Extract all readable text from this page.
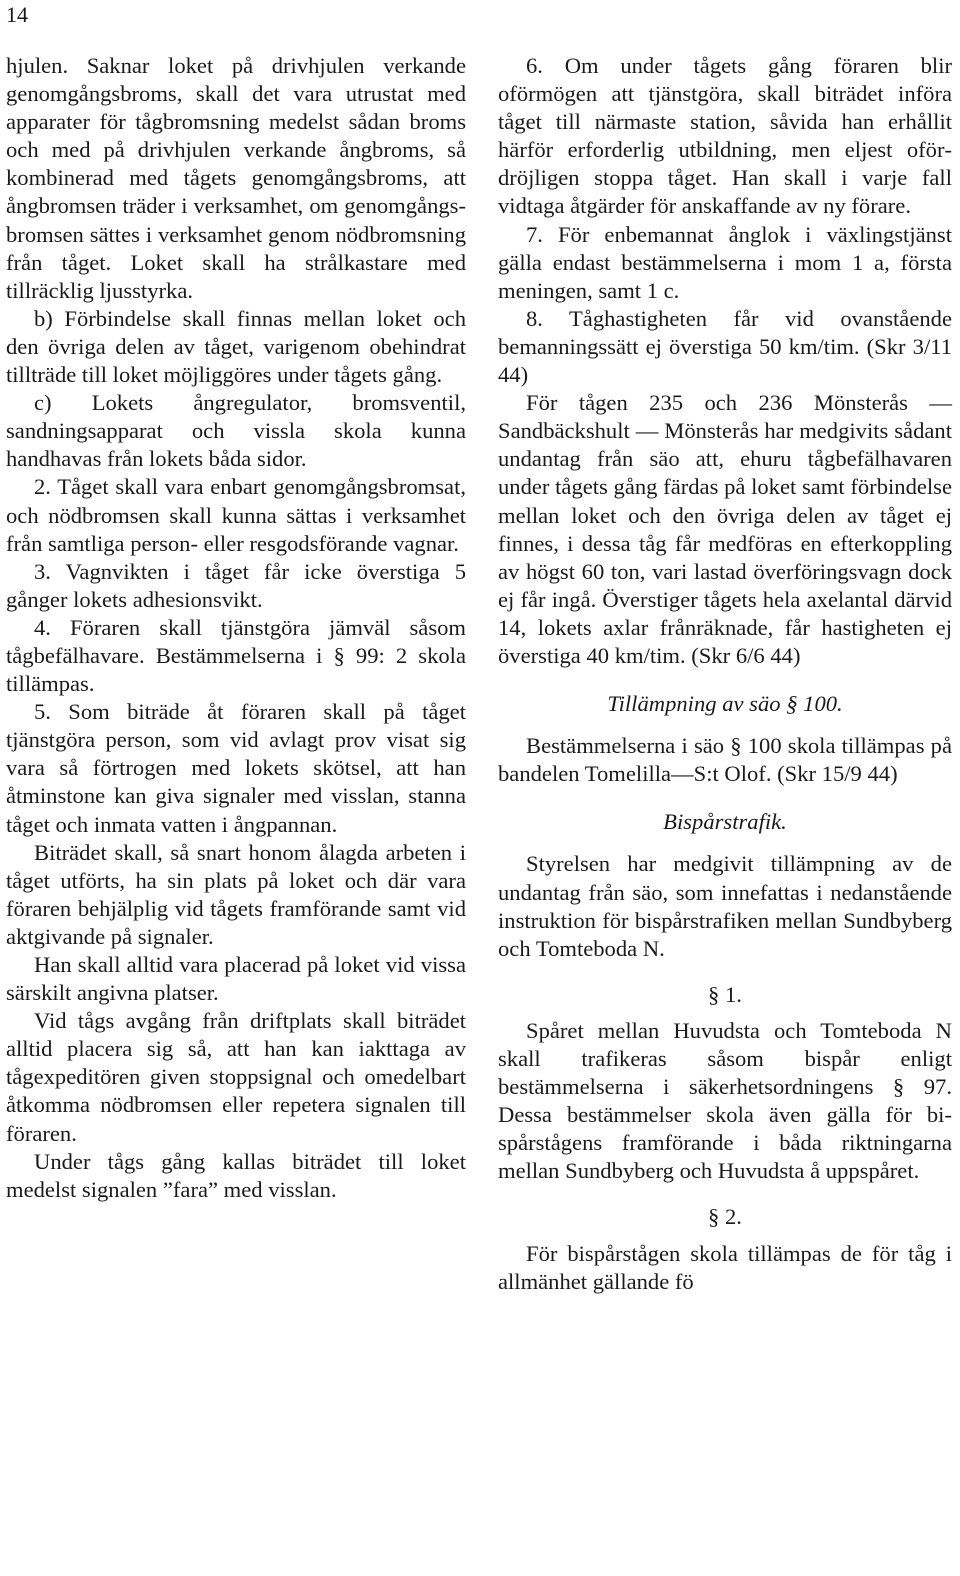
14

hjulen. Saknar loket på drivhjulen verkande genomgångsbroms, skall det vara utrustat med apparater för tågbromsning medelst sådan broms och med på drivhjulen verkande ångbroms, så kombinerad med tågets genomgångsbroms, att ångbromsen träder i verksamhet, om genomgångsbromsen sättes i verksamhet genom nödbromsning från tåget. Loket skall ha strålkastare med tillräcklig ljusstyrka.

b) Förbindelse skall finnas mellan loket och den övriga delen av tåget, varigenom obehindrat tillträde till loket möjliggöres under tågets gång.

c) Lokets ångregulator, bromsventil, sandningsapparat och vissla skola kunna handhavas från lokets båda sidor.

2. Tåget skall vara enbart genomgångsbromsat, och nödbromsen skall kunna sättas i verksamhet från samtliga person- eller resgodsförande vagnar.

3. Vagnvikten i tåget får icke överstiga 5 gånger lokets adhesionsvikt.

4. Föraren skall tjänstgöra jämväl såsom tågbefälhavare. Bestämmelserna i § 99: 2 skola tillämpas.

5. Som biträde åt föraren skall på tåget tjänstgöra person, som vid avlagt prov visat sig vara så förtrogen med lokets skötsel, att han åtminstone kan giva signaler med visslan, stanna tåget och inmata vatten i ångpannan.

Biträdet skall, så snart honom ålagda arbeten i tåget utförts, ha sin plats på loket och där vara föraren behjälplig vid tågets framförande samt vid aktgivande på signaler.

Han skall alltid vara placerad på loket vid vissa särskilt angivna platser.

Vid tågs avgång från driftplats skall biträdet alltid placera sig så, att han kan iakttaga av tågexpeditören given stoppsignal och omedelbart åtkomma nödbromsen eller repetera signalen till föraren.

Under tågs gång kallas biträdet till loket medelst signalen ”fara” med visslan.

6. Om under tågets gång föraren blir oförmögen att tjänstgöra, skall biträdet införa tåget till närmaste station, såvida han erhållit härför erforderlig utbildning, men eljest ofördröjligen stoppa tåget. Han skall i varje fall vidtaga åtgärder för anskaffande av ny förare.

7. För enbemannat ånglok i växlingstjänst gälla endast bestämmelserna i mom 1 a, första meningen, samt 1 c.

8. Tåghastigheten får vid ovanstående bemanningssätt ej överstiga 50 km/tim. (Skr 3/11 44)

För tågen 235 och 236 Mönsterås — Sandbäckshult — Mönsterås har medgivits sådant undantag från säo att, ehuru tågbefälhavaren under tågets gång färdas på loket samt förbindelse mellan loket och den övriga delen av tåget ej finnes, i dessa tåg får medföras en efterkoppling av högst 60 ton, vari lastad överföringsvagn dock ej får ingå. Överstiger tågets hela axelantal därvid 14, lokets axlar frånräknade, får hastigheten ej överstiga 40 km/tim. (Skr 6/6 44)

Tillämpning av säo § 100.

Bestämmelserna i säo § 100 skola tillämpas på bandelen Tomelilla—S:t Olof. (Skr 15/9 44)

Bispårstrafik.

Styrelsen har medgivit tillämpning av de undantag från säo, som innefattas i nedanstående instruktion för bispårstrafiken mellan Sundbyberg och Tomteboda N.

§ 1.

Spåret mellan Huvudsta och Tomteboda N skall trafikeras såsom bispår enligt bestämmelserna i säkerhetsordningens § 97. Dessa bestämmelser skola även gälla för bispårstågens framförande i båda riktningarna mellan Sundbyberg och Huvudsta å uppspåret.

§ 2.

För bispårstågen skola tillämpas de för tåg i allmänhet gällande fö
